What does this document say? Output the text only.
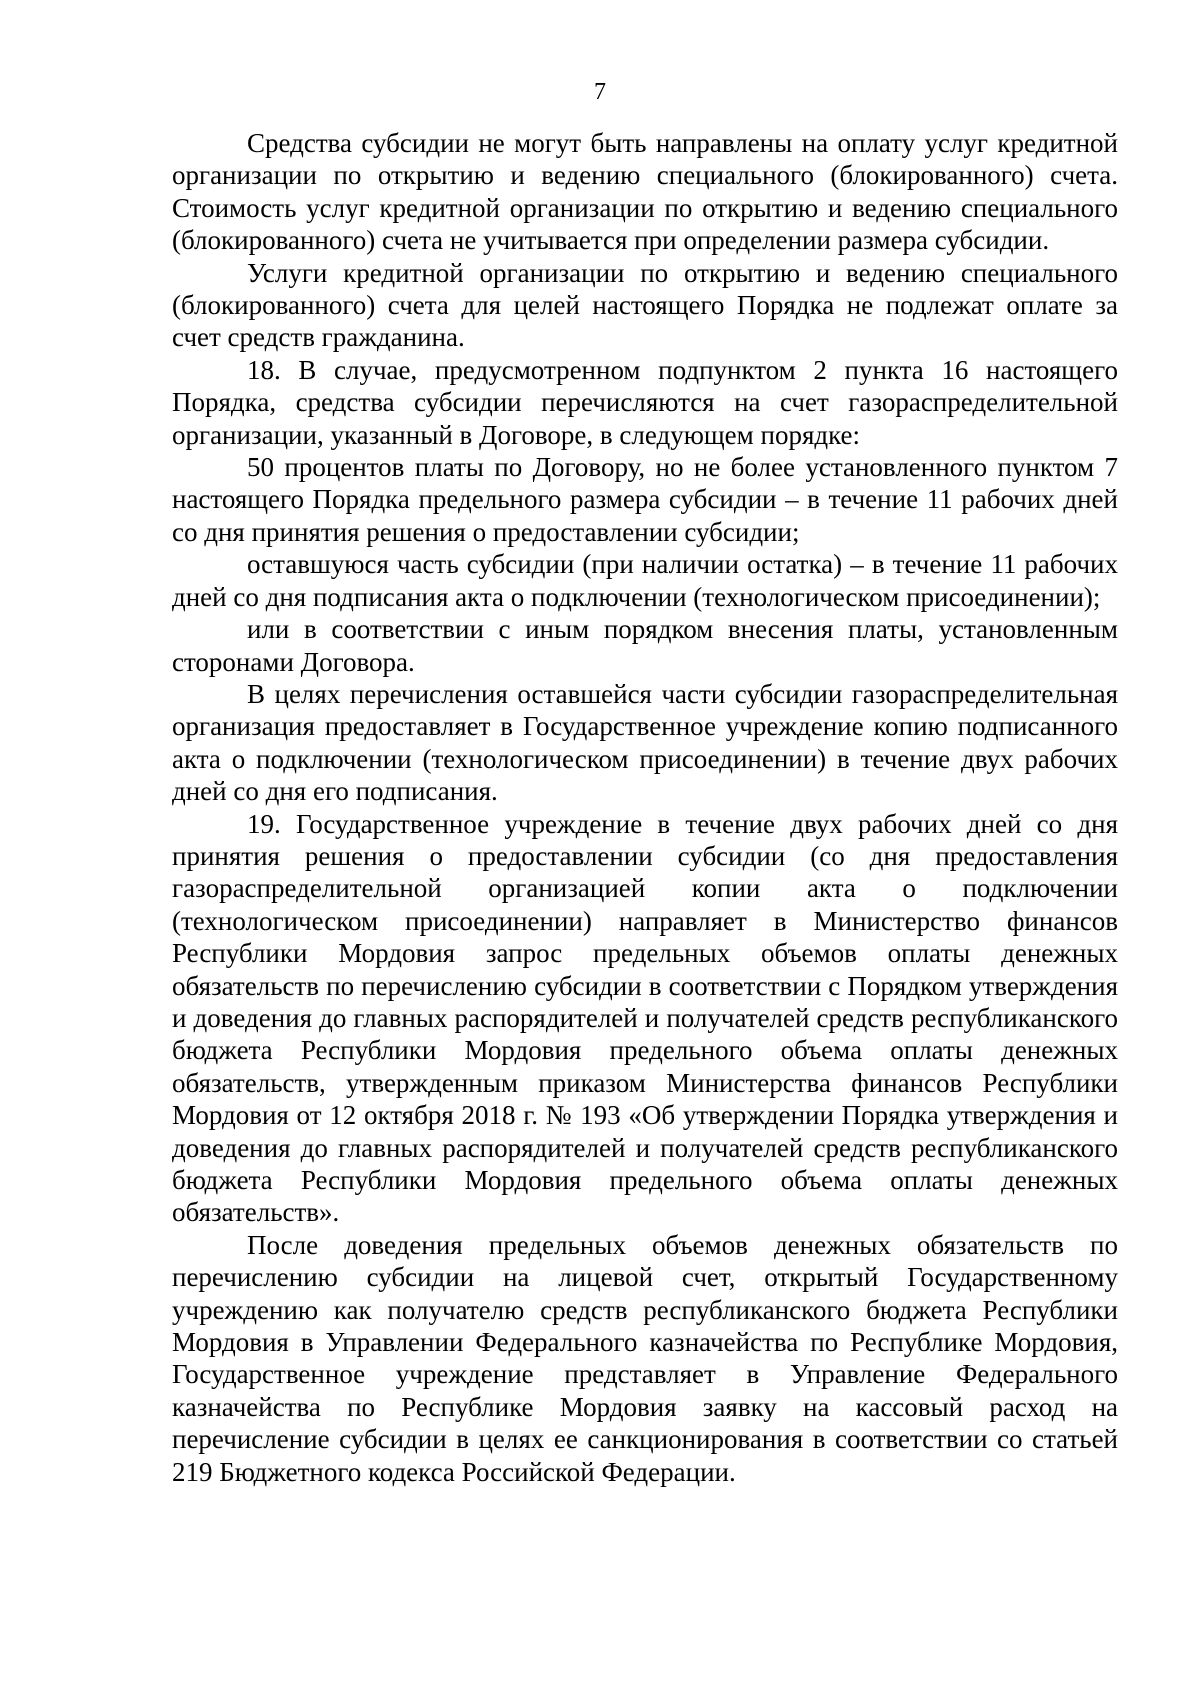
7

Средства субсидии не могут быть направлены на оплату услуг кредитной организации по открытию и ведению специального (блокированного) счета. Стоимость услуг кредитной организации по открытию и ведению специального (блокированного) счета не учитывается при определении размера субсидии.

Услуги кредитной организации по открытию и ведению специального (блокированного) счета для целей настоящего Порядка не подлежат оплате за счет средств гражданина.

18. В случае, предусмотренном подпунктом 2 пункта 16 настоящего Порядка, средства субсидии перечисляются на счет газораспределительной организации, указанный в Договоре, в следующем порядке:

50 процентов платы по Договору, но не более установленного пунктом 7 настоящего Порядка предельного размера субсидии – в течение 11 рабочих дней со дня принятия решения о предоставлении субсидии;

оставшуюся часть субсидии (при наличии остатка) – в течение 11 рабочих дней со дня подписания акта о подключении (технологическом присоединении);

или в соответствии с иным порядком внесения платы, установленным сторонами Договора.

В целях перечисления оставшейся части субсидии газораспределительная организация предоставляет в Государственное учреждение копию подписанного акта о подключении (технологическом присоединении) в течение двух рабочих дней со дня его подписания.

19. Государственное учреждение в течение двух рабочих дней со дня принятия решения о предоставлении субсидии (со дня предоставления газораспределительной организацией копии акта о подключении (технологическом присоединении) направляет в Министерство финансов Республики Мордовия запрос предельных объемов оплаты денежных обязательств по перечислению субсидии в соответствии с Порядком утверждения и доведения до главных распорядителей и получателей средств республиканского бюджета Республики Мордовия предельного объема оплаты денежных обязательств, утвержденным приказом Министерства финансов Республики Мордовия от 12 октября 2018 г. № 193 «Об утверждении Порядка утверждения и доведения до главных распорядителей и получателей средств республиканского бюджета Республики Мордовия предельного объема оплаты денежных обязательств».

После доведения предельных объемов денежных обязательств по перечислению субсидии на лицевой счет, открытый Государственному учреждению как получателю средств республиканского бюджета Республики Мордовия в Управлении Федерального казначейства по Республике Мордовия, Государственное учреждение представляет в Управление Федерального казначейства по Республике Мордовия заявку на кассовый расход на перечисление субсидии в целях ее санкционирования в соответствии со статьей 219 Бюджетного кодекса Российской Федерации.
